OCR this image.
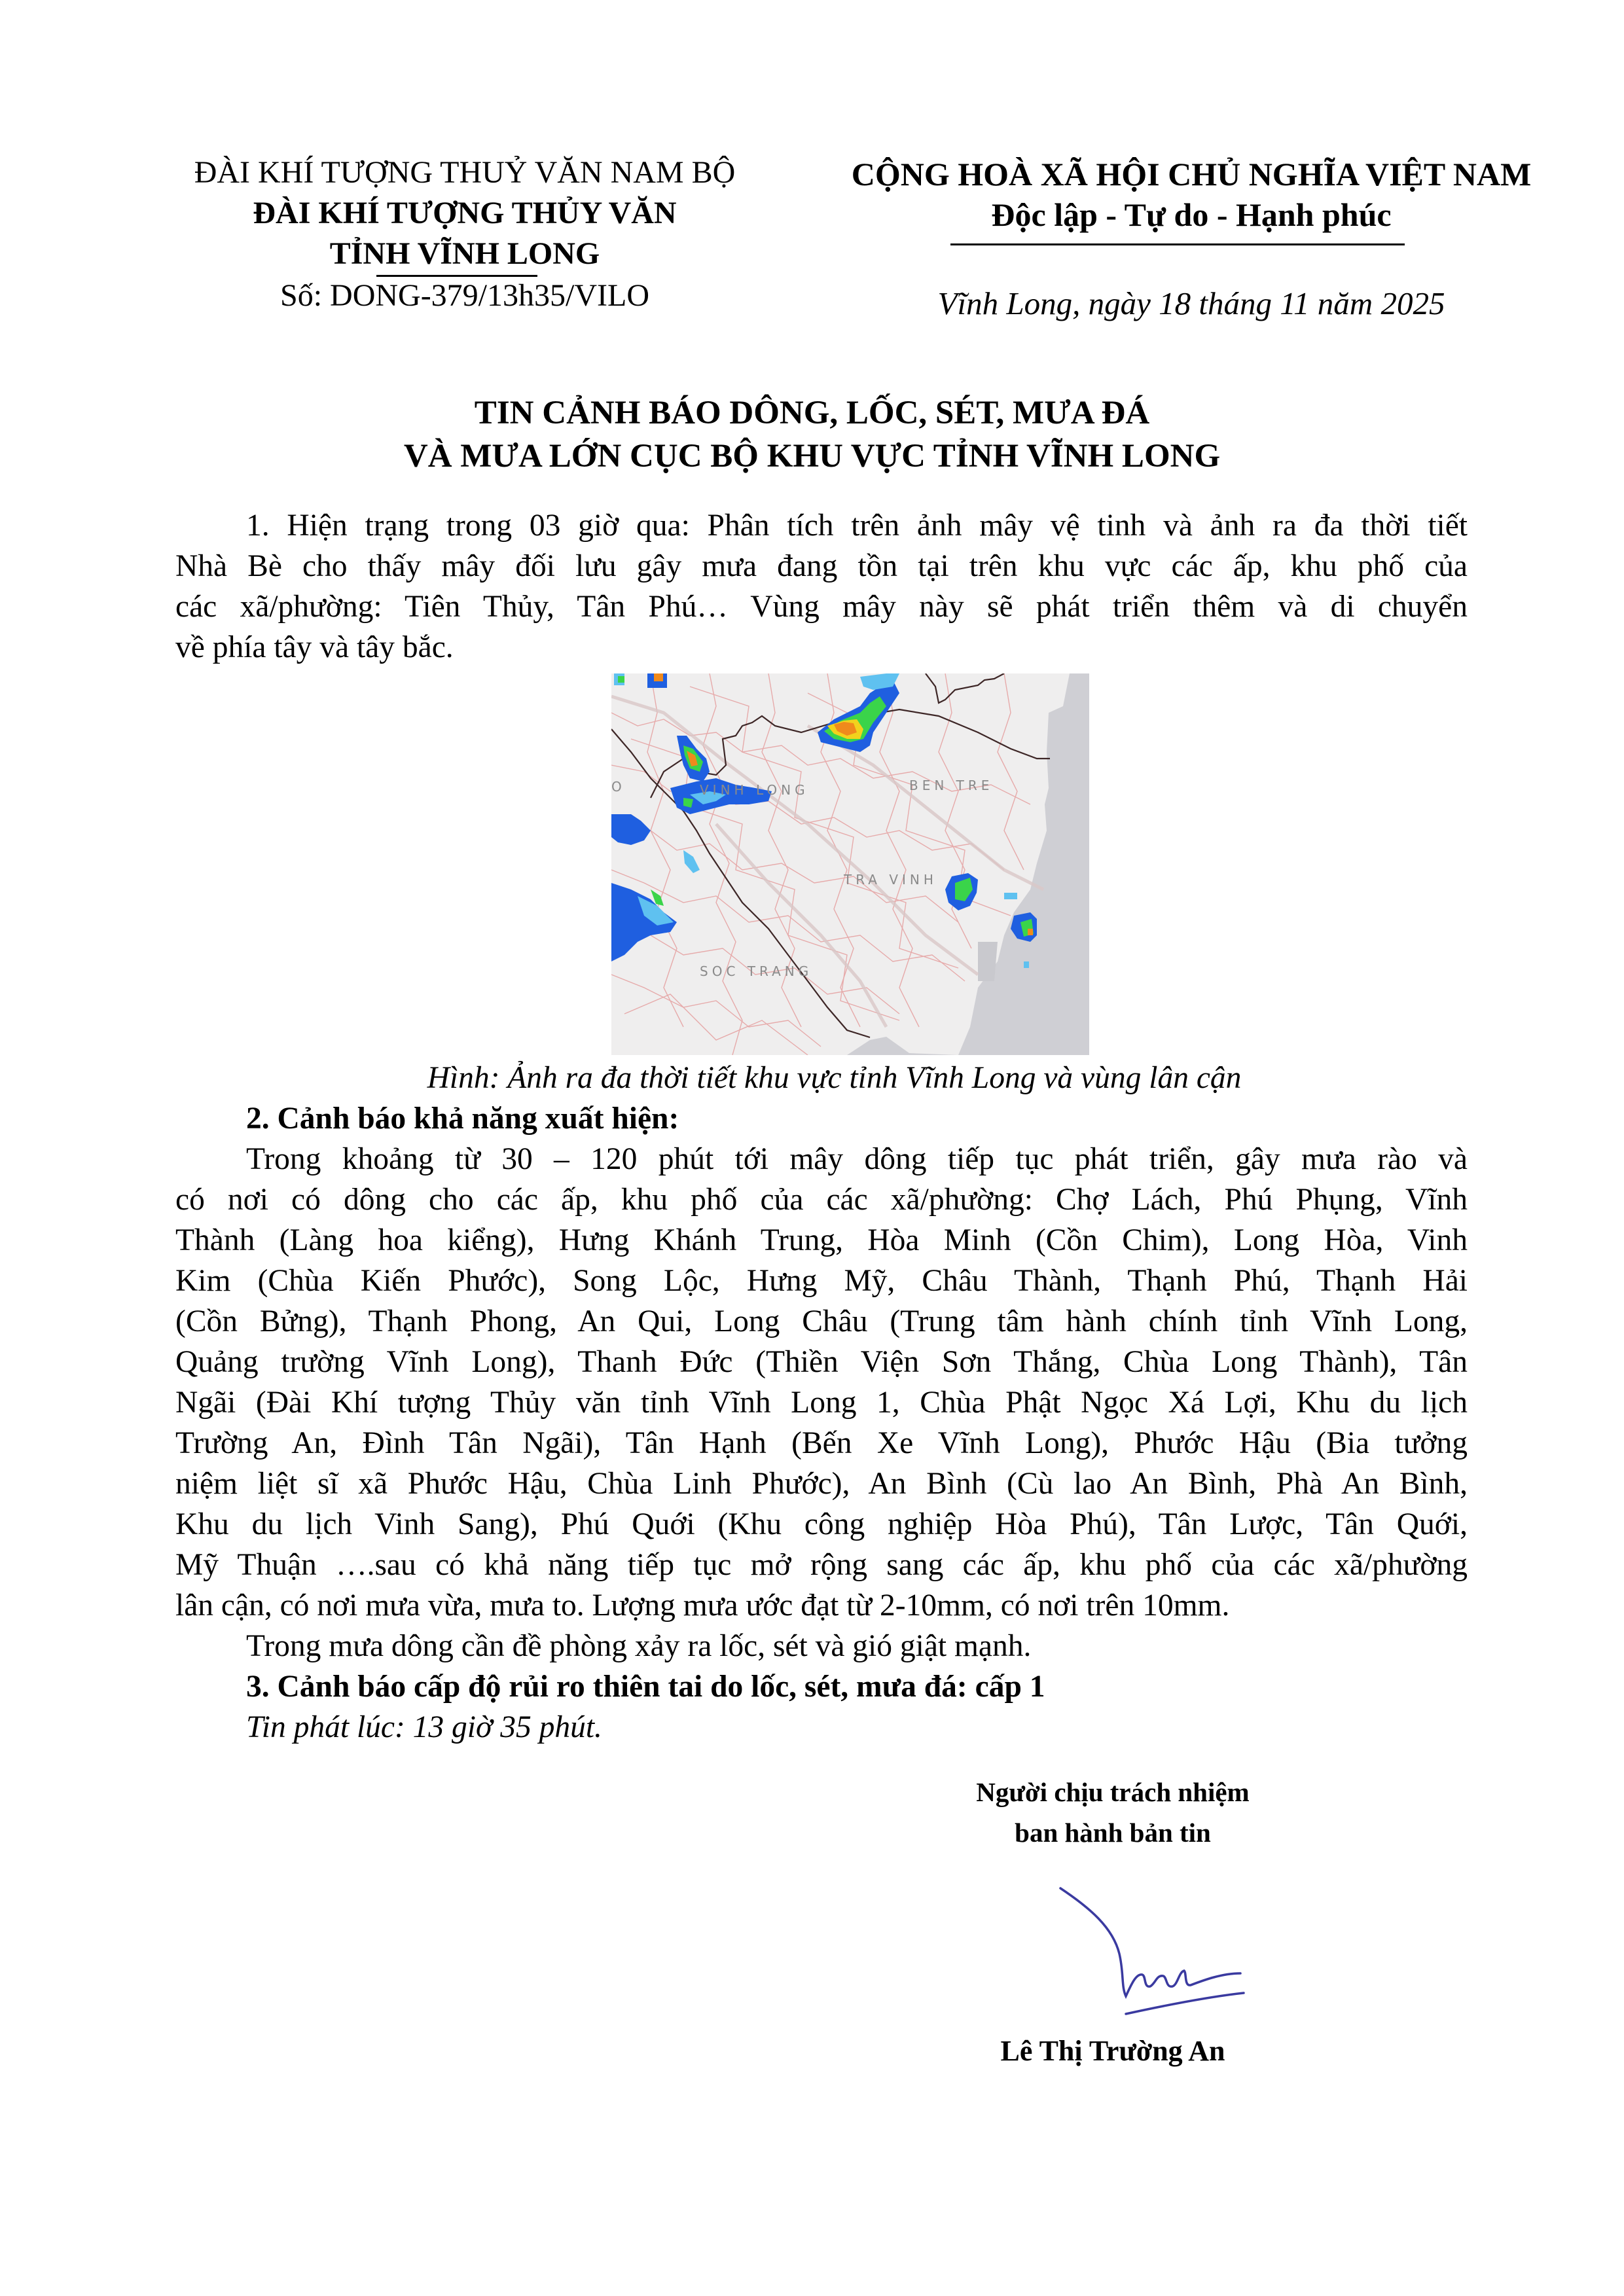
ĐÀI KHÍ TƯỢNG THUỶ VĂN NAM BỘ
ĐÀI KHÍ TƯỢNG THỦY VĂN
TỈNH VĨNH LONG
Số: DONG-379/13h35/VILO
CỘNG HOÀ XÃ HỘI CHỦ NGHĨA VIỆT NAM
Độc lập - Tự do - Hạnh phúc
Vĩnh Long, ngày 18 tháng 11 năm 2025
TIN CẢNH BÁO DÔNG, LỐC, SÉT, MƯA ĐÁ
VÀ MƯA LỚN CỤC BỘ KHU VỰC TỈNH VĨNH LONG
1. Hiện trạng trong 03 giờ qua: Phân tích trên ảnh mây vệ tinh và ảnh ra đa thời tiết
Nhà Bè cho thấy mây đối lưu gây mưa đang tồn tại trên khu vực các ấp, khu phố của
các xã/phường: Tiên Thủy, Tân Phú… Vùng mây này sẽ phát triển thêm và di chuyển
về phía tây và tây bắc.
O	VINH LONG	BEN TRE
TRA VINH
SOC TRANG
Hình: Ảnh ra đa thời tiết khu vực tỉnh Vĩnh Long và vùng lân cận
2. Cảnh báo khả năng xuất hiện:
Trong khoảng từ 30 – 120 phút tới mây dông tiếp tục phát triển, gây mưa rào và
có nơi có dông cho các ấp, khu phố của các xã/phường: Chợ Lách, Phú Phụng, Vĩnh
Thành (Làng hoa kiểng), Hưng Khánh Trung, Hòa Minh (Cồn Chim), Long Hòa, Vinh
Kim (Chùa Kiến Phước), Song Lộc, Hưng Mỹ, Châu Thành, Thạnh Phú, Thạnh Hải
(Cồn Bửng), Thạnh Phong, An Qui, Long Châu (Trung tâm hành chính tỉnh Vĩnh Long,
Quảng trường Vĩnh Long), Thanh Đức (Thiền Viện Sơn Thắng, Chùa Long Thành), Tân
Ngãi (Đài Khí tượng Thủy văn tỉnh Vĩnh Long 1, Chùa Phật Ngọc Xá Lợi, Khu du lịch
Trường An, Đình Tân Ngãi), Tân Hạnh (Bến Xe Vĩnh Long), Phước Hậu (Bia tưởng
niệm liệt sĩ xã Phước Hậu, Chùa Linh Phước), An Bình (Cù lao An Bình, Phà An Bình,
Khu du lịch Vinh Sang), Phú Quới (Khu công nghiệp Hòa Phú), Tân Lược, Tân Quới,
Mỹ Thuận ….sau có khả năng tiếp tục mở rộng sang các ấp, khu phố của các xã/phường
lân cận, có nơi mưa vừa, mưa to. Lượng mưa ước đạt từ 2-10mm, có nơi trên 10mm.
Trong mưa dông cần đề phòng xảy ra lốc, sét và gió giật mạnh.
3. Cảnh báo cấp độ rủi ro thiên tai do lốc, sét, mưa đá: cấp 1
Tin phát lúc: 13 giờ 35 phút.
Người chịu trách nhiệm
ban hành bản tin
Lê Thị Trường An
